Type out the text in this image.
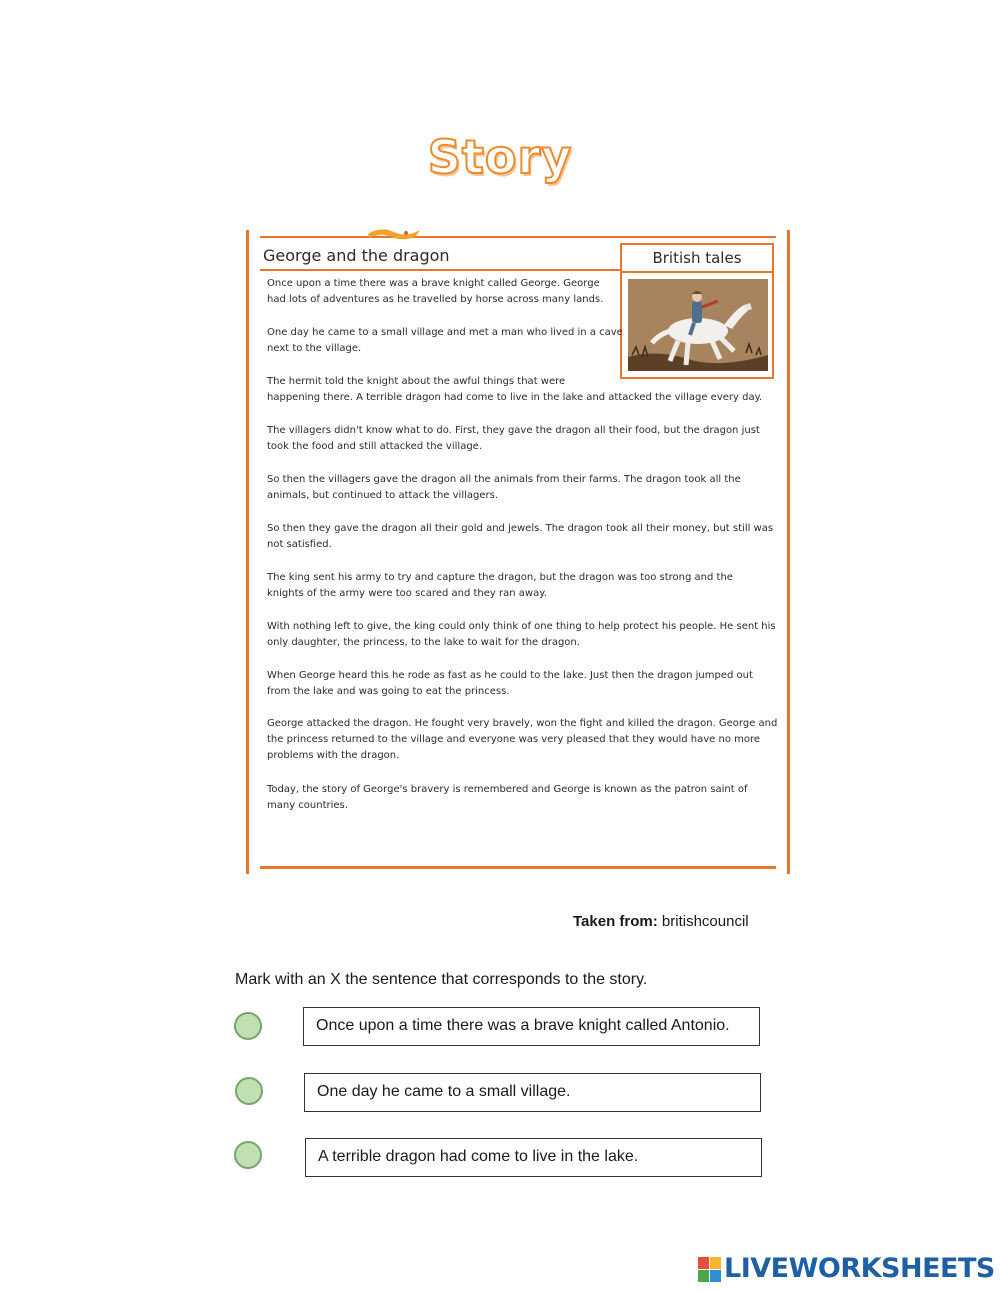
Story
George and the dragon	British tales
Once upon a time there was a brave knight called George. George
had lots of adventures as he travelled by horse across many lands.
One day he came to a small village and met a man who lived in a cave
next to the village.
The hermit told the knight about the awful things that were
happening there. A terrible dragon had come to live in the lake and attacked the village every day.
The villagers didn't know what to do. First, they gave the dragon all their food, but the dragon just
took the food and still attacked the village.
So then the villagers gave the dragon all the animals from their farms. The dragon took all the
animals, but continued to attack the villagers.
So then they gave the dragon all their gold and jewels. The dragon took all their money, but still was
not satisfied.
The king sent his army to try and capture the dragon, but the dragon was too strong and the
knights of the army were too scared and they ran away.
With nothing left to give, the king could only think of one thing to help protect his people. He sent his
only daughter, the princess, to the lake to wait for the dragon.
When George heard this he rode as fast as he could to the lake. Just then the dragon jumped out
from the lake and was going to eat the princess.
George attacked the dragon. He fought very bravely, won the fight and killed the dragon. George and
the princess returned to the village and everyone was very pleased that they would have no more
problems with the dragon.
Today, the story of George's bravery is remembered and George is known as the patron saint of
many countries.
Taken from: britishcouncil
Mark with an X the sentence that corresponds to the story.
Once upon a time there was a brave knight called Antonio.
One day he came to a small village.
A terrible dragon had come to live in the lake.
LIVEWORKSHEETS
